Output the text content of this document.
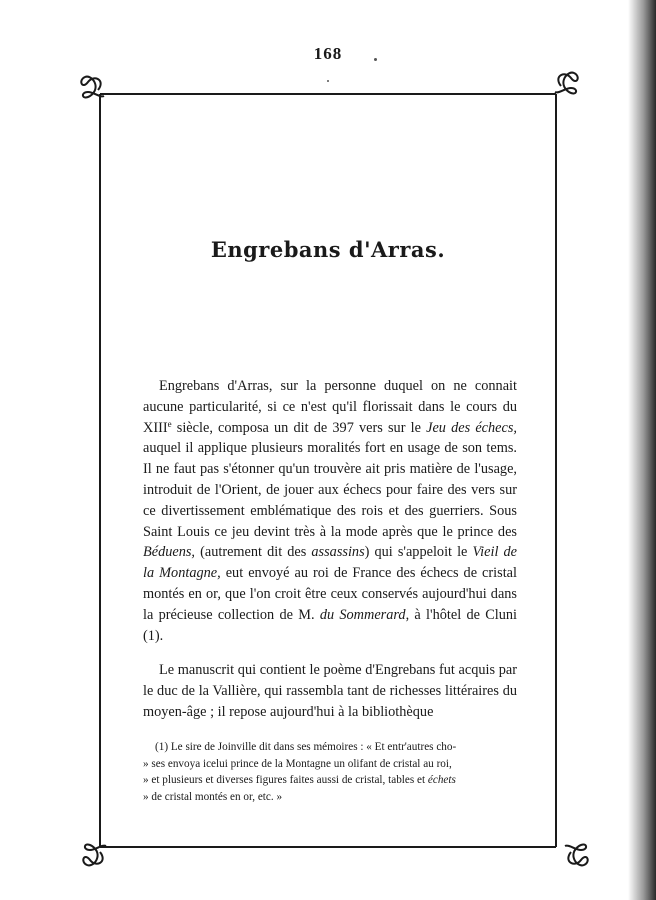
168
Engrebans d'Arras.

Engrebans d'Arras, sur la personne duquel on ne connait aucune particularité, si ce n'est qu'il florissait dans le cours du XIIIe siècle, composa un dit de 397 vers sur le Jeu des échecs, auquel il applique plusieurs moralités fort en usage de son tems. Il ne faut pas s'étonner qu'un trouvère ait pris matière de l'usage, introduit de l'Orient, de jouer aux échecs pour faire des vers sur ce divertissement emblématique des rois et des guerriers. Sous Saint Louis ce jeu devint très à la mode après que le prince des Béduens, (autrement dit des assassins) qui s'appeloit le Vieil de la Montagne, eut envoyé au roi de France des échecs de cristal montés en or, que l'on croit être ceux conservés aujourd'hui dans la précieuse collection de M. du Sommerard, à l'hôtel de Cluni (1).

Le manuscrit qui contient le poème d'Engrebans fut acquis par le duc de la Vallière, qui rassembla tant de richesses littéraires du moyen-âge ; il repose aujourd'hui à la bibliothèque

(1) Le sire de Joinville dit dans ses mémoires : « Et entr'autres cho-
» ses envoya icelui prince de la Montagne un olifant de cristal au roi,
» et plusieurs et diverses figures faites aussi de cristal, tables et échets
» de cristal montés en or, etc. »
